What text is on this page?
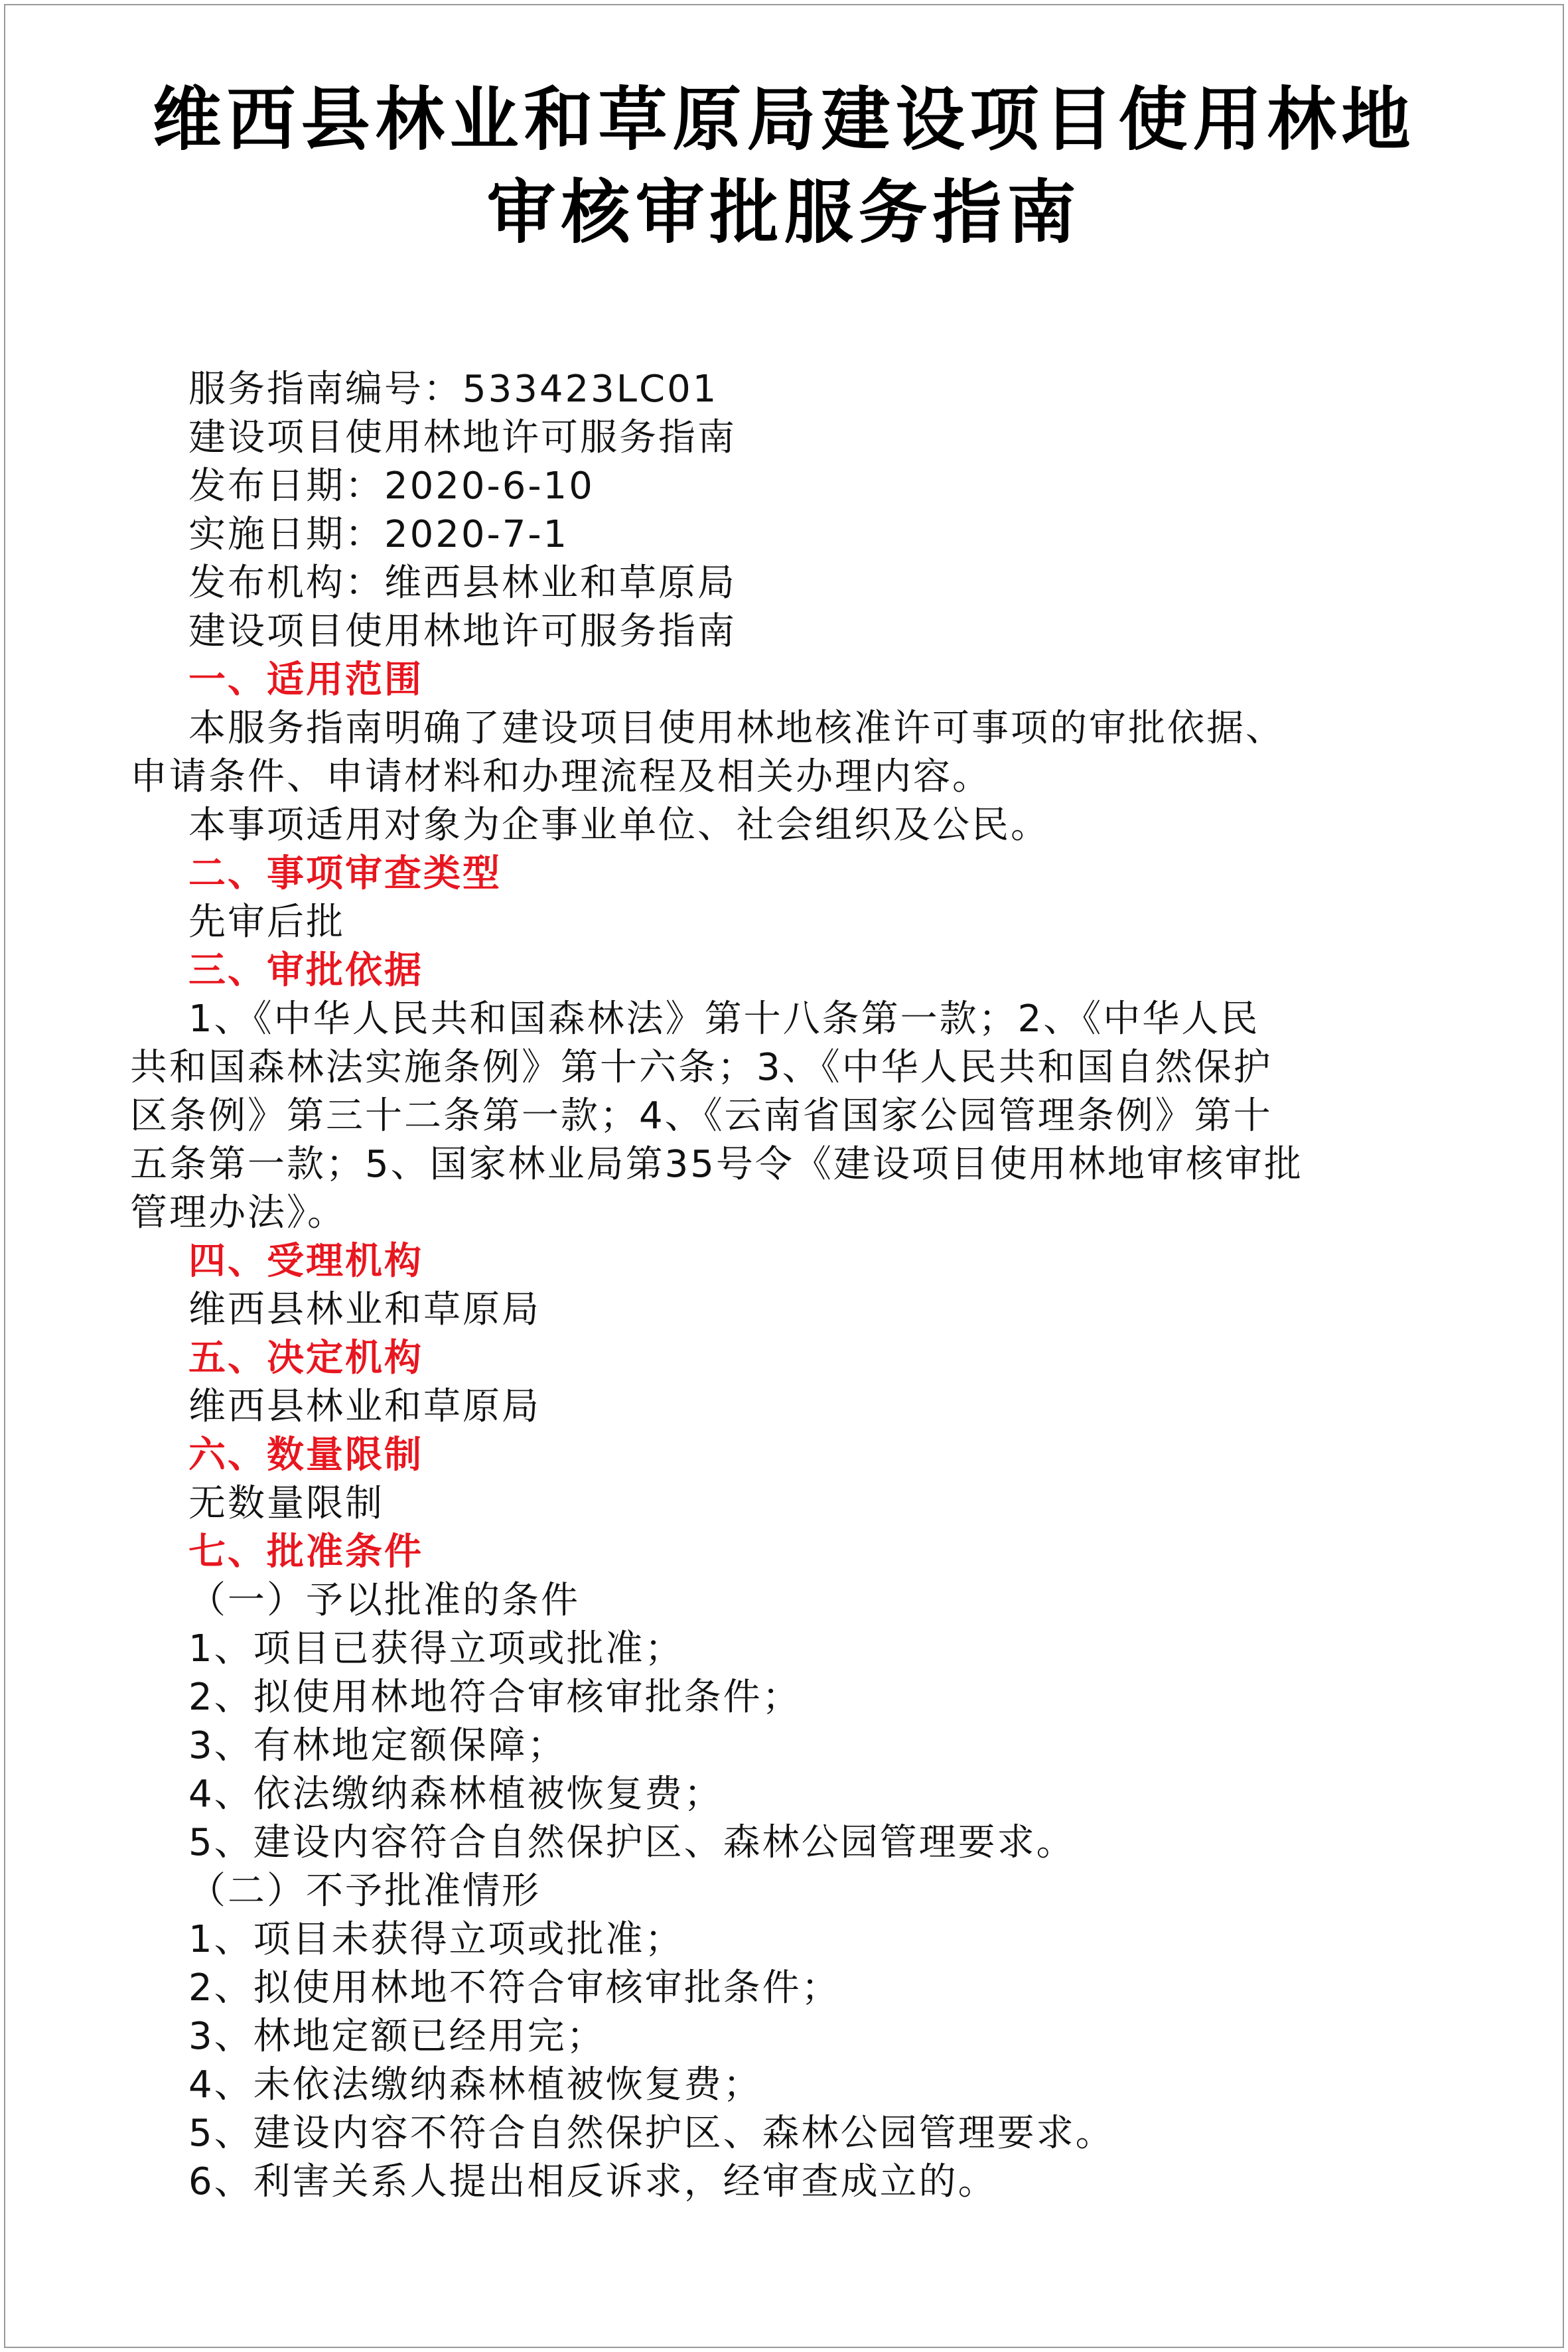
维西县林业和草原局建设项目使用林地
审核审批服务指南
服务指南编号：533423LC01
建设项目使用林地许可服务指南
发布日期：2020-6-10
实施日期：2020-7-1
发布机构：维西县林业和草原局
建设项目使用林地许可服务指南
一、适用范围
本服务指南明确了建设项目使用林地核准许可事项的审批依据、
申请条件、申请材料和办理流程及相关办理内容。
本事项适用对象为企事业单位、社会组织及公民。
二、事项审查类型
先审后批
三、审批依据
1、《中华人民共和国森林法》第十八条第一款；2、《中华人民
共和国森林法实施条例》第十六条；3、《中华人民共和国自然保护
区条例》第三十二条第一款；4、《云南省国家公园管理条例》第十
五条第一款；5、国家林业局第35号令《建设项目使用林地审核审批
管理办法》。
四、受理机构
维西县林业和草原局
五、决定机构
维西县林业和草原局
六、数量限制
无数量限制
七、批准条件
（一）予以批准的条件
1、项目已获得立项或批准；
2、拟使用林地符合审核审批条件；
3、有林地定额保障；
4、依法缴纳森林植被恢复费；
5、建设内容符合自然保护区、森林公园管理要求。
（二）不予批准情形
1、项目未获得立项或批准；
2、拟使用林地不符合审核审批条件；
3、林地定额已经用完；
4、未依法缴纳森林植被恢复费；
5、建设内容不符合自然保护区、森林公园管理要求。
6、利害关系人提出相反诉求，经审查成立的。
